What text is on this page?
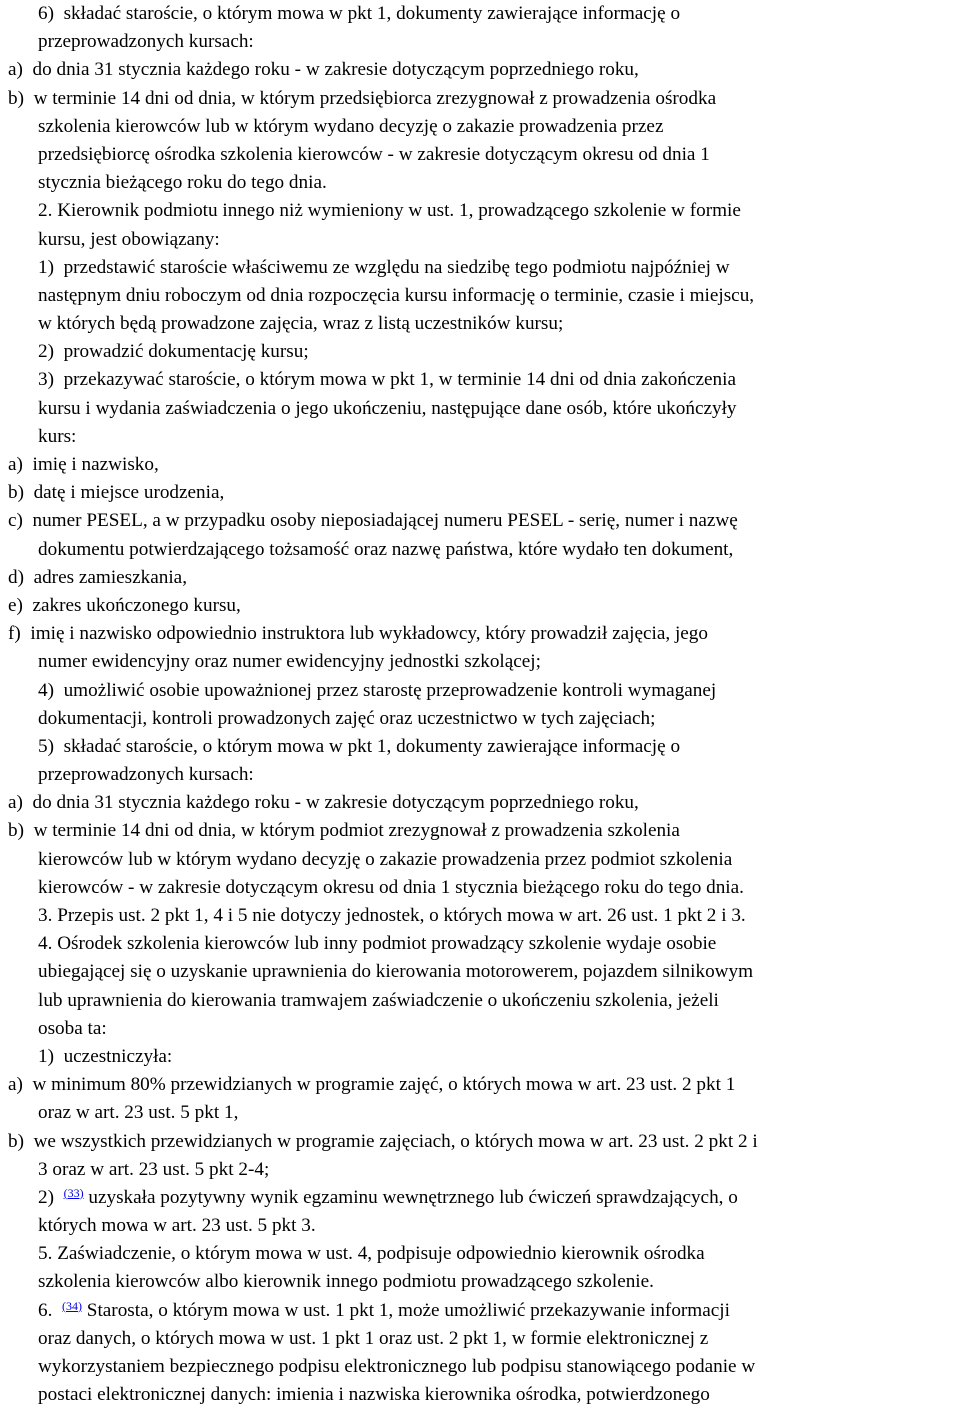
6)  składać staroście, o którym mowa w pkt 1, dokumenty zawierające informację o
przeprowadzonych kursach:
a)  do dnia 31 stycznia każdego roku - w zakresie dotyczącym poprzedniego roku,
b)  w terminie 14 dni od dnia, w którym przedsiębiorca zrezygnował z prowadzenia ośrodka
szkolenia kierowców lub w którym wydano decyzję o zakazie prowadzenia przez
przedsiębiorcę ośrodka szkolenia kierowców - w zakresie dotyczącym okresu od dnia 1
stycznia bieżącego roku do tego dnia.
2. Kierownik podmiotu innego niż wymieniony w ust. 1, prowadzącego szkolenie w formie
kursu, jest obowiązany:
1)  przedstawić staroście właściwemu ze względu na siedzibę tego podmiotu najpóźniej w
następnym dniu roboczym od dnia rozpoczęcia kursu informację o terminie, czasie i miejscu,
w których będą prowadzone zajęcia, wraz z listą uczestników kursu;
2)  prowadzić dokumentację kursu;
3)  przekazywać staroście, o którym mowa w pkt 1, w terminie 14 dni od dnia zakończenia
kursu i wydania zaświadczenia o jego ukończeniu, następujące dane osób, które ukończyły
kurs:
a)  imię i nazwisko,
b)  datę i miejsce urodzenia,
c)  numer PESEL, a w przypadku osoby nieposiadającej numeru PESEL - serię, numer i nazwę
dokumentu potwierdzającego tożsamość oraz nazwę państwa, które wydało ten dokument,
d)  adres zamieszkania,
e)  zakres ukończonego kursu,
f)  imię i nazwisko odpowiednio instruktora lub wykładowcy, który prowadził zajęcia, jego
numer ewidencyjny oraz numer ewidencyjny jednostki szkolącej;
4)  umożliwić osobie upoważnionej przez starostę przeprowadzenie kontroli wymaganej
dokumentacji, kontroli prowadzonych zajęć oraz uczestnictwo w tych zajęciach;
5)  składać staroście, o którym mowa w pkt 1, dokumenty zawierające informację o
przeprowadzonych kursach:
a)  do dnia 31 stycznia każdego roku - w zakresie dotyczącym poprzedniego roku,
b)  w terminie 14 dni od dnia, w którym podmiot zrezygnował z prowadzenia szkolenia
kierowców lub w którym wydano decyzję o zakazie prowadzenia przez podmiot szkolenia
kierowców - w zakresie dotyczącym okresu od dnia 1 stycznia bieżącego roku do tego dnia.
3. Przepis ust. 2 pkt 1, 4 i 5 nie dotyczy jednostek, o których mowa w art. 26 ust. 1 pkt 2 i 3.
4. Ośrodek szkolenia kierowców lub inny podmiot prowadzący szkolenie wydaje osobie
ubiegającej się o uzyskanie uprawnienia do kierowania motorowerem, pojazdem silnikowym
lub uprawnienia do kierowania tramwajem zaświadczenie o ukończeniu szkolenia, jeżeli
osoba ta:
1)  uczestniczyła:
a)  w minimum 80% przewidzianych w programie zajęć, o których mowa w art. 23 ust. 2 pkt 1
oraz w art. 23 ust. 5 pkt 1,
b)  we wszystkich przewidzianych w programie zajęciach, o których mowa w art. 23 ust. 2 pkt 2 i
3 oraz w art. 23 ust. 5 pkt 2-4;
2)  $^{(33)}$ uzyskała pozytywny wynik egzaminu wewnętrznego lub ćwiczeń sprawdzających, o
których mowa w art. 23 ust. 5 pkt 3.
5. Zaświadczenie, o którym mowa w ust. 4, podpisuje odpowiednio kierownik ośrodka
szkolenia kierowców albo kierownik innego podmiotu prowadzącego szkolenie.
6.  $^{(34)}$ Starosta, o którym mowa w ust. 1 pkt 1, może umożliwić przekazywanie informacji
oraz danych, o których mowa w ust. 1 pkt 1 oraz ust. 2 pkt 1, w formie elektronicznej z
wykorzystaniem bezpiecznego podpisu elektronicznego lub podpisu stanowiącego podanie w
postaci elektronicznej danych: imienia i nazwiska kierownika ośrodka, potwierdzonego
